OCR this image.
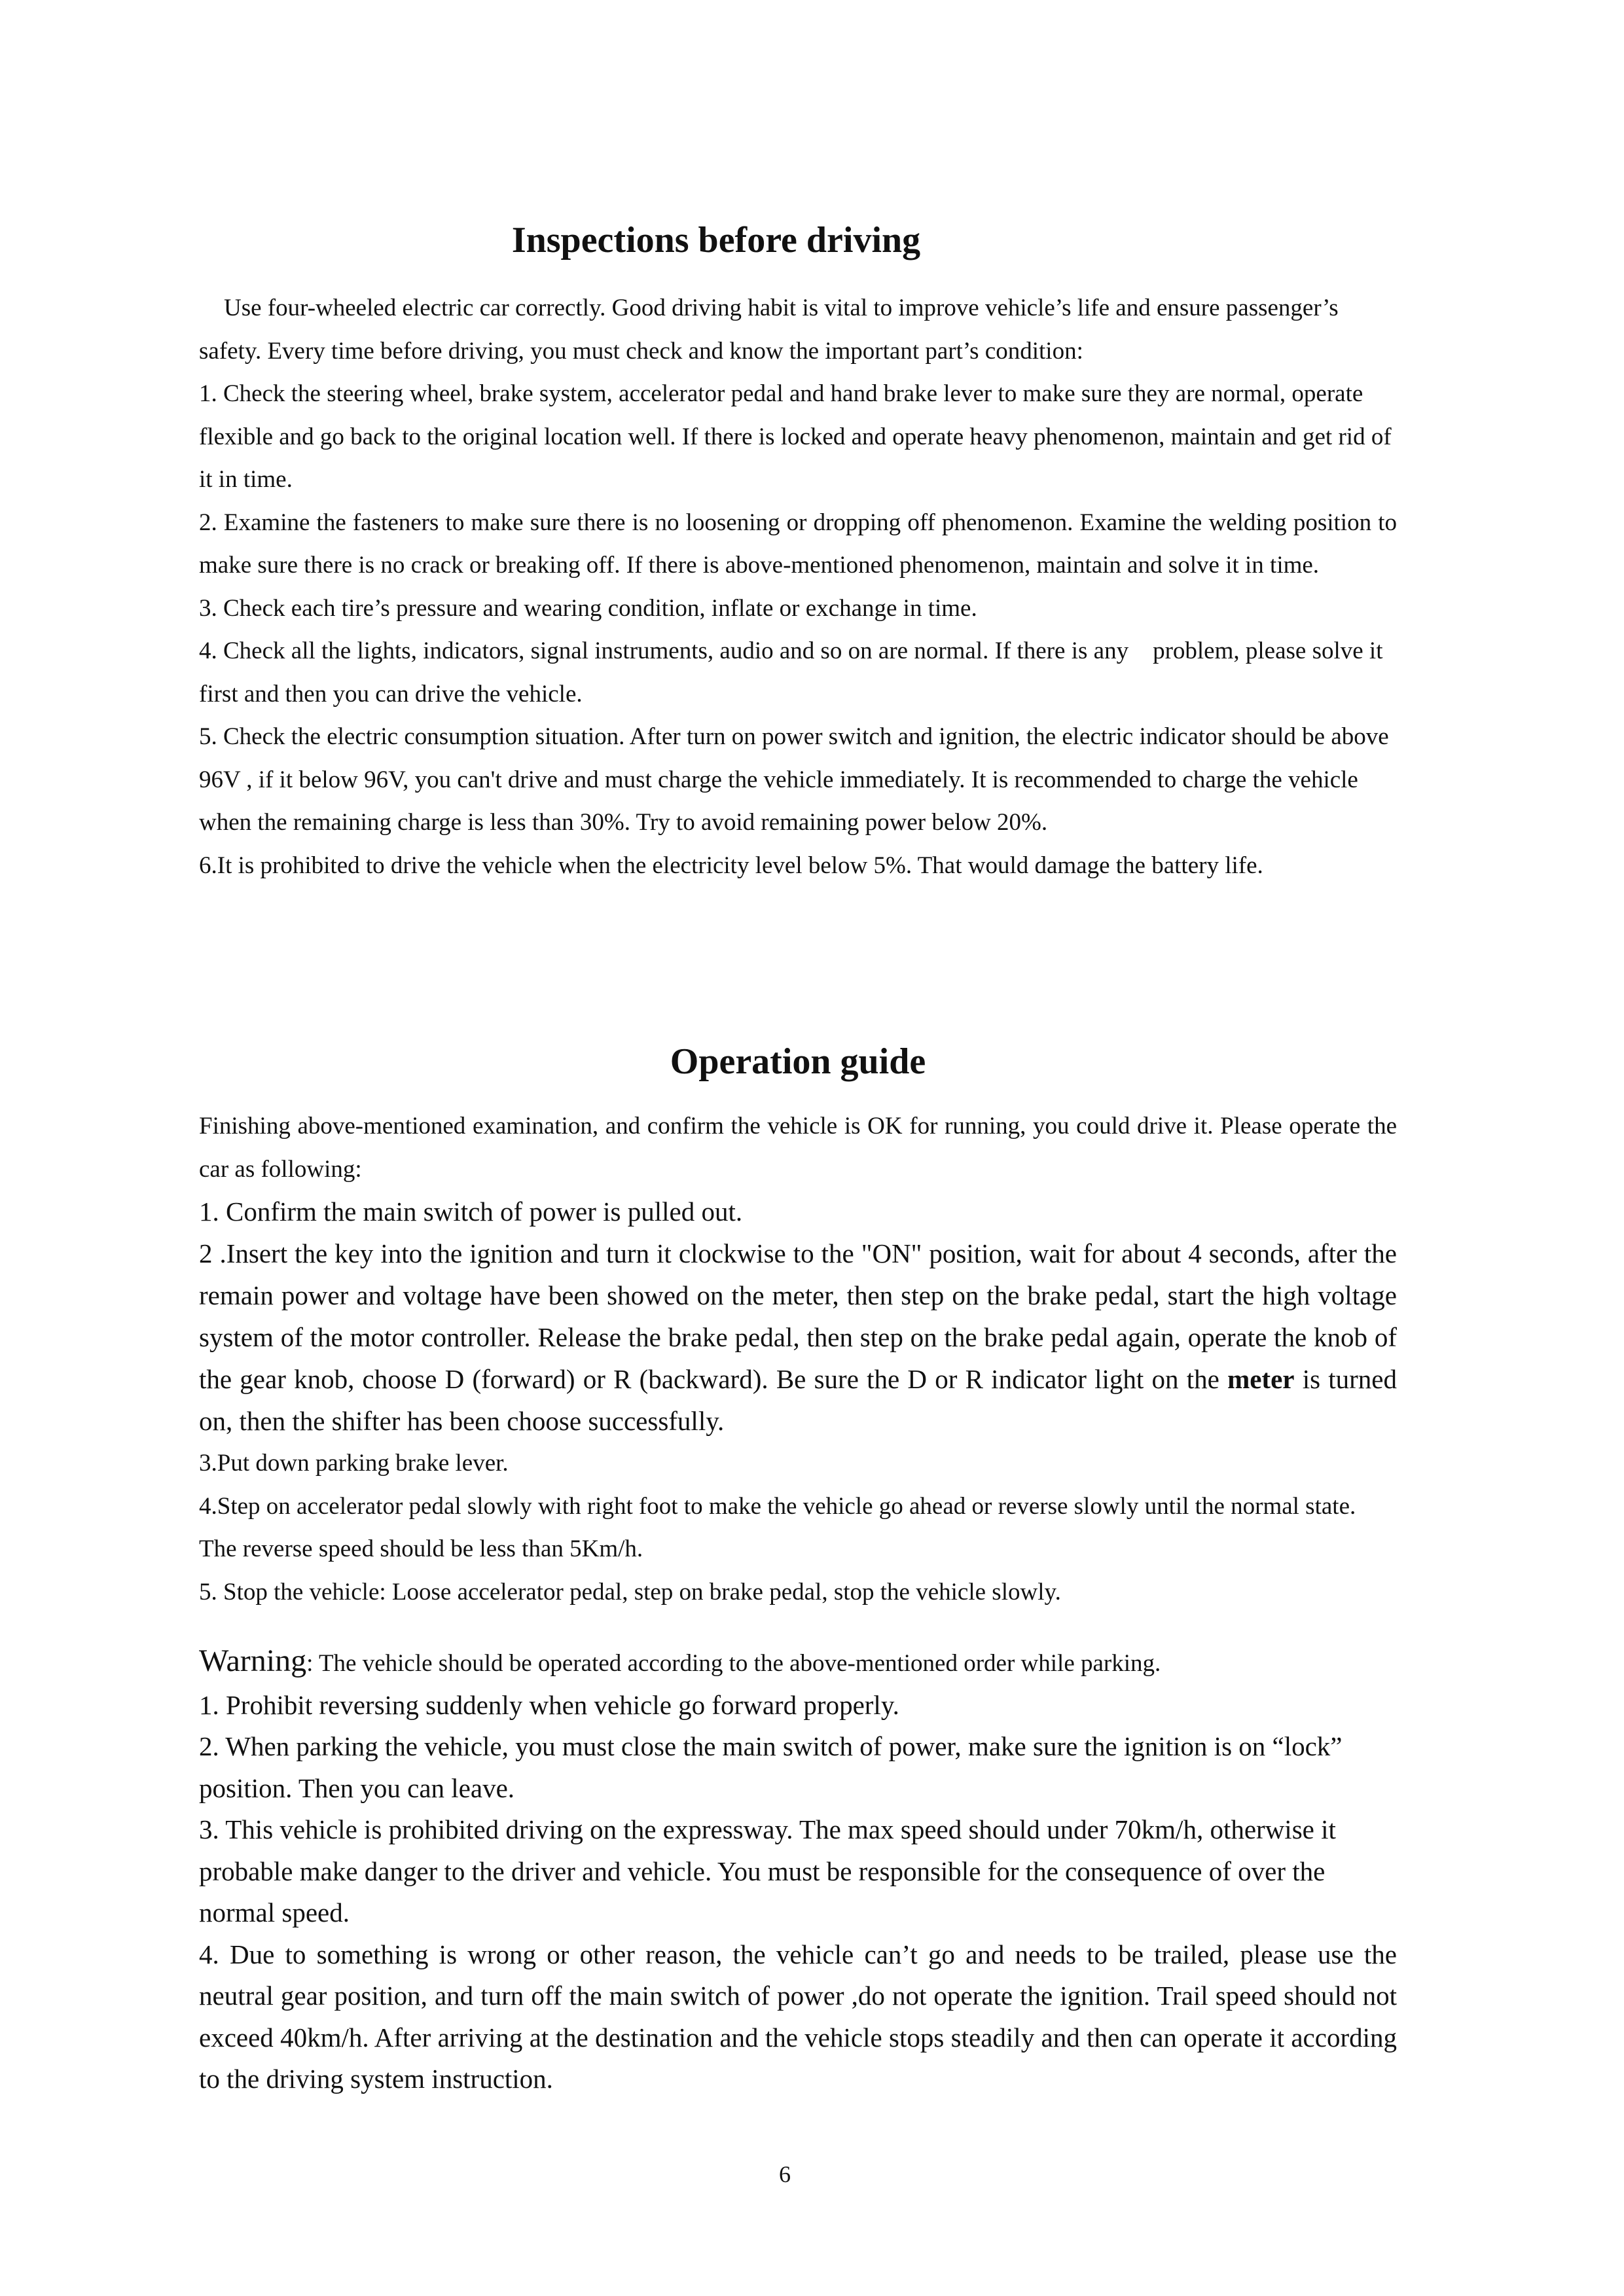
Inspections before driving

Use four-wheeled electric car correctly. Good driving habit is vital to improve vehicle’s life and ensure passenger’s safety. Every time before driving, you must check and know the important part’s condition:

1. Check the steering wheel, brake system, accelerator pedal and hand brake lever to make sure they are normal, operate flexible and go back to the original location well. If there is locked and operate heavy phenomenon, maintain and get rid of it in time.

2. Examine the fasteners to make sure there is no loosening or dropping off phenomenon. Examine the welding position to make sure there is no crack or breaking off. If there is above-mentioned phenomenon, maintain and solve it in time.

3. Check each tire’s pressure and wearing condition, inflate or exchange in time.

4. Check all the lights, indicators, signal instruments, audio and so on are normal. If there is any    problem, please solve it first and then you can drive the vehicle.

5. Check the electric consumption situation. After turn on power switch and ignition, the electric indicator should be above 96V , if it below 96V, you can't drive and must charge the vehicle immediately. It is recommended to charge the vehicle when the remaining charge is less than 30%. Try to avoid remaining power below 20%.

6.It is prohibited to drive the vehicle when the electricity level below 5%. That would damage the battery life.

Operation guide

Finishing above-mentioned examination, and confirm the vehicle is OK for running, you could drive it. Please operate the car as following:

1. Confirm the main switch of power is pulled out.

2 .Insert the key into the ignition and turn it clockwise to the "ON" position, wait for about 4 seconds, after the remain power and voltage have been showed on the meter, then step on the brake pedal, start the high voltage system of the motor controller. Release the brake pedal, then step on the brake pedal again, operate the knob of the gear knob, choose D (forward) or R (backward). Be sure the D or R indicator light on the meter is turned on, then the shifter has been choose successfully.

3.Put down parking brake lever.

4.Step on accelerator pedal slowly with right foot to make the vehicle go ahead or reverse slowly until the normal state. The reverse speed should be less than 5Km/h.

5. Stop the vehicle: Loose accelerator pedal, step on brake pedal, stop the vehicle slowly.

Warning: The vehicle should be operated according to the above-mentioned order while parking.

1. Prohibit reversing suddenly when vehicle go forward properly.

2. When parking the vehicle, you must close the main switch of power, make sure the ignition is on “lock” position. Then you can leave.

3. This vehicle is prohibited driving on the expressway. The max speed should under 70km/h, otherwise it probable make danger to the driver and vehicle. You must be responsible for the consequence of over the normal speed.

4. Due to something is wrong or other reason, the vehicle can’t go and needs to be trailed, please use the neutral gear position, and turn off the main switch of power ,do not operate the ignition. Trail speed should not exceed 40km/h. After arriving at the destination and the vehicle stops steadily and then can operate it according to the driving system instruction.

6
